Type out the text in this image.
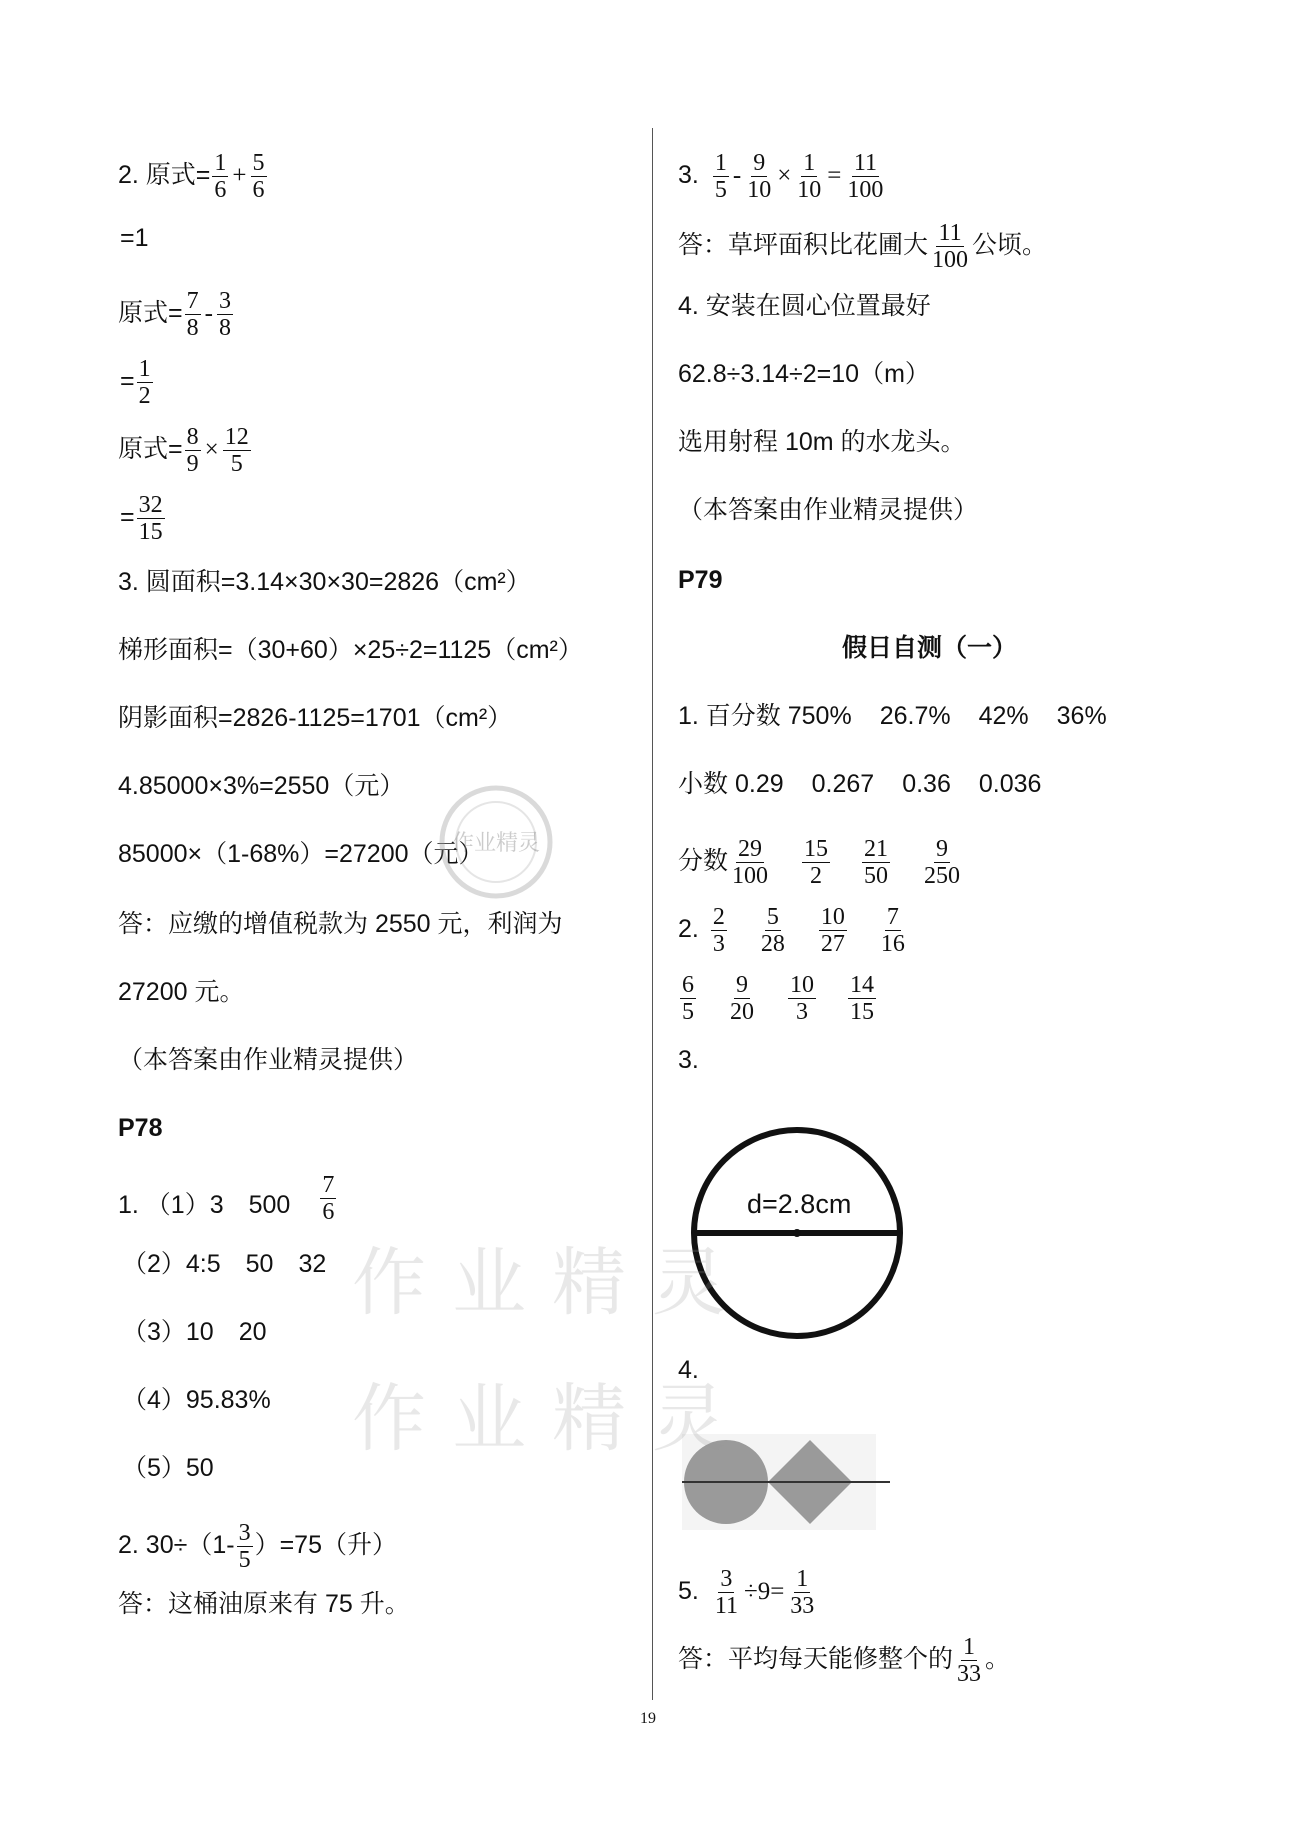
2. 原式= $\frac{1}{6} + \frac{5}{6}$
=1
原式= $\frac{7}{8} - \frac{3}{8}$
= $\frac{1}{2}$
原式= $\frac{8}{9} \times \frac{12}{5}$
= $\frac{32}{15}$
3. 圆面积=3.14×30×30=2826（cm²）
梯形面积=（30+60）×25÷2=1125（cm²）
阴影面积=2826-1125=1701（cm²）
4.85000×3%=2550（元）
85000×（1-68%）=27200（元）
答：应缴的增值税款为 2550 元，利润为
27200 元。
（本答案由作业精灵提供）
P78
1. （1）3　$500 \frac{7}{6}$
（2）4:5　50　32
（3）10　20
（4）95.83%
（5）50
2. $30\div(1- \frac{3}{5} )=75$（升）
答：这桶油原来有 75 升。
3. $\frac{1}{5} - \frac{9}{10} \times \frac{1}{10} = \frac{11}{100}$
答：草坪面积比花圃大 $\frac{11}{100}$ 公顷。
4. 安装在圆心位置最好
62.8÷3.14÷2=10（m）
选用射程 10m 的水龙头。
（本答案由作业精灵提供）
P79
假日自测（一）
1. 百分数 750% 26.7% 42% 36%
小数 0.29 0.267 0.36 0.036
分数 $\frac{29}{100} \frac{15}{2} \frac{21}{50} \frac{9}{250}$
2. $\frac{2}{3} \frac{5}{28} \frac{10}{27} \frac{7}{16}$
$\frac{6}{5} \frac{9}{20} \frac{10}{3} \frac{14}{15}$
3.
d=2.8cm
4.
5. $\frac{3}{11} \div 9= \frac{1}{33}$
答：平均每天能修整个的 $\frac{1}{33}$ 。
19
作业精灵
作业精灵
作业精灵
